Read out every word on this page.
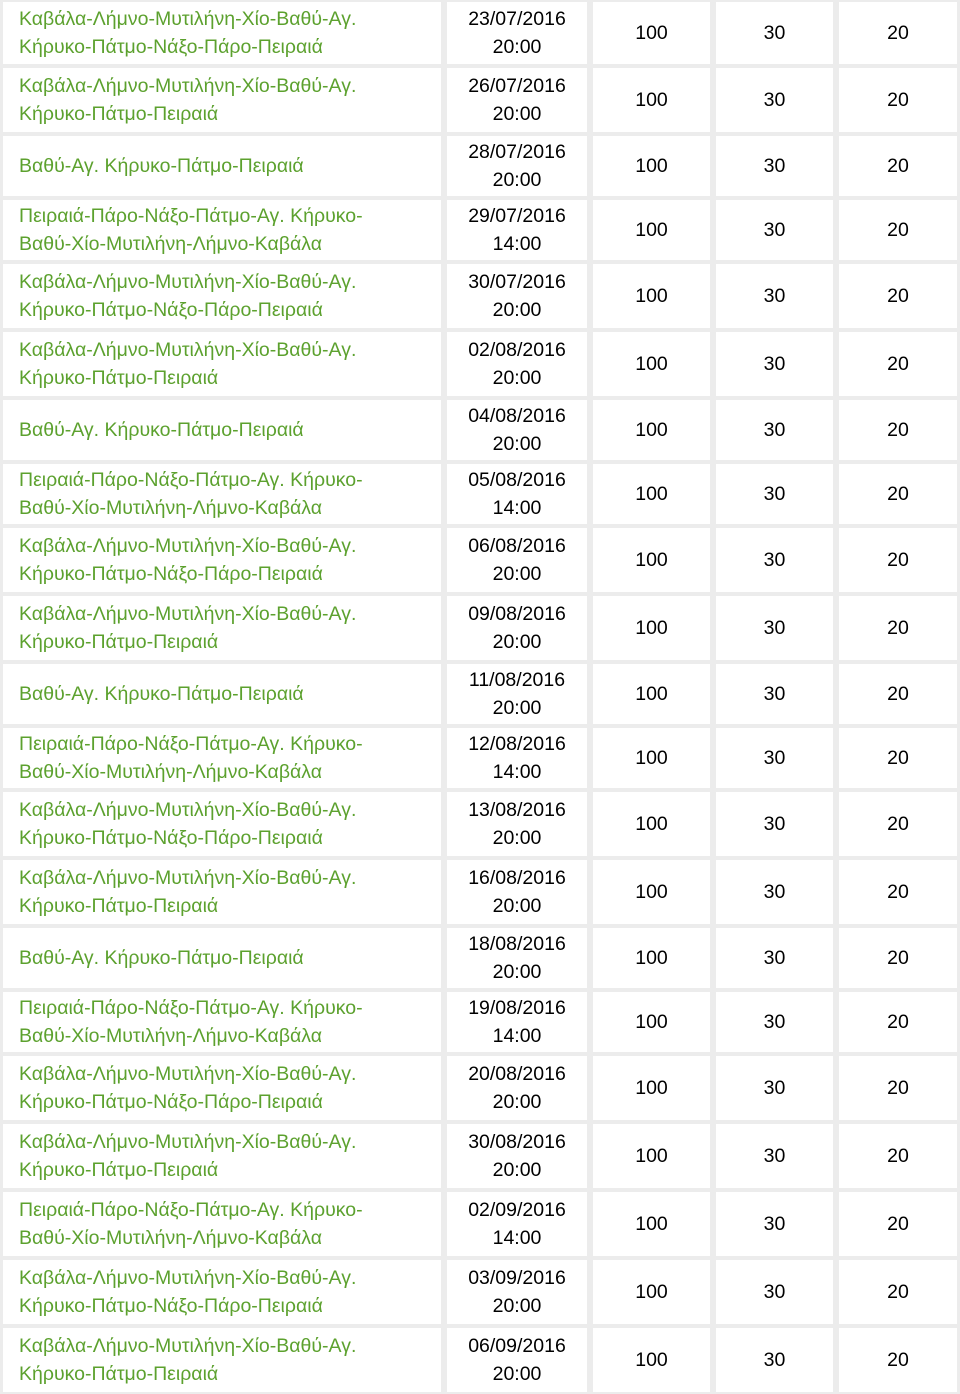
Καβάλα-Λήμνο-Μυτιλήνη-Χίο-Βαθύ-Αγ.
Κήρυκο-Πάτμο-Νάξο-Πάρο-Πειραιά
23/07/2016
20:00
100	30	20
Καβάλα-Λήμνο-Μυτιλήνη-Χίο-Βαθύ-Αγ.
Κήρυκο-Πάτμο-Πειραιά
26/07/2016
20:00
100	30	20
Βαθύ-Αγ. Κήρυκο-Πάτμο-Πειραιά
28/07/2016
20:00
100	30	20
Πειραιά-Πάρο-Νάξο-Πάτμο-Αγ. Κήρυκο-
Βαθύ-Χίο-Μυτιλήνη-Λήμνο-Καβάλα
29/07/2016
14:00
100	30	20
Καβάλα-Λήμνο-Μυτιλήνη-Χίο-Βαθύ-Αγ.
Κήρυκο-Πάτμο-Νάξο-Πάρο-Πειραιά
30/07/2016
20:00
100	30	20
Καβάλα-Λήμνο-Μυτιλήνη-Χίο-Βαθύ-Αγ.
Κήρυκο-Πάτμο-Πειραιά
02/08/2016
20:00
100	30	20
Βαθύ-Αγ. Κήρυκο-Πάτμο-Πειραιά
04/08/2016
20:00
100	30	20
Πειραιά-Πάρο-Νάξο-Πάτμο-Αγ. Κήρυκο-
Βαθύ-Χίο-Μυτιλήνη-Λήμνο-Καβάλα
05/08/2016
14:00
100	30	20
Καβάλα-Λήμνο-Μυτιλήνη-Χίο-Βαθύ-Αγ.
Κήρυκο-Πάτμο-Νάξο-Πάρο-Πειραιά
06/08/2016
20:00
100	30	20
Καβάλα-Λήμνο-Μυτιλήνη-Χίο-Βαθύ-Αγ.
Κήρυκο-Πάτμο-Πειραιά
09/08/2016
20:00
100	30	20
Βαθύ-Αγ. Κήρυκο-Πάτμο-Πειραιά
11/08/2016
20:00
100	30	20
Πειραιά-Πάρο-Νάξο-Πάτμο-Αγ. Κήρυκο-
Βαθύ-Χίο-Μυτιλήνη-Λήμνο-Καβάλα
12/08/2016
14:00
100	30	20
Καβάλα-Λήμνο-Μυτιλήνη-Χίο-Βαθύ-Αγ.
Κήρυκο-Πάτμο-Νάξο-Πάρο-Πειραιά
13/08/2016
20:00
100	30	20
Καβάλα-Λήμνο-Μυτιλήνη-Χίο-Βαθύ-Αγ.
Κήρυκο-Πάτμο-Πειραιά
16/08/2016
20:00
100	30	20
Βαθύ-Αγ. Κήρυκο-Πάτμο-Πειραιά
18/08/2016
20:00
100	30	20
Πειραιά-Πάρο-Νάξο-Πάτμο-Αγ. Κήρυκο-
Βαθύ-Χίο-Μυτιλήνη-Λήμνο-Καβάλα
19/08/2016
14:00
100	30	20
Καβάλα-Λήμνο-Μυτιλήνη-Χίο-Βαθύ-Αγ.
Κήρυκο-Πάτμο-Νάξο-Πάρο-Πειραιά
20/08/2016
20:00
100	30	20
Καβάλα-Λήμνο-Μυτιλήνη-Χίο-Βαθύ-Αγ.
Κήρυκο-Πάτμο-Πειραιά
30/08/2016
20:00
100	30	20
Πειραιά-Πάρο-Νάξο-Πάτμο-Αγ. Κήρυκο-
Βαθύ-Χίο-Μυτιλήνη-Λήμνο-Καβάλα
02/09/2016
14:00
100	30	20
Καβάλα-Λήμνο-Μυτιλήνη-Χίο-Βαθύ-Αγ.
Κήρυκο-Πάτμο-Νάξο-Πάρο-Πειραιά
03/09/2016
20:00
100	30	20
Καβάλα-Λήμνο-Μυτιλήνη-Χίο-Βαθύ-Αγ.
Κήρυκο-Πάτμο-Πειραιά
06/09/2016
20:00
100	30	20
